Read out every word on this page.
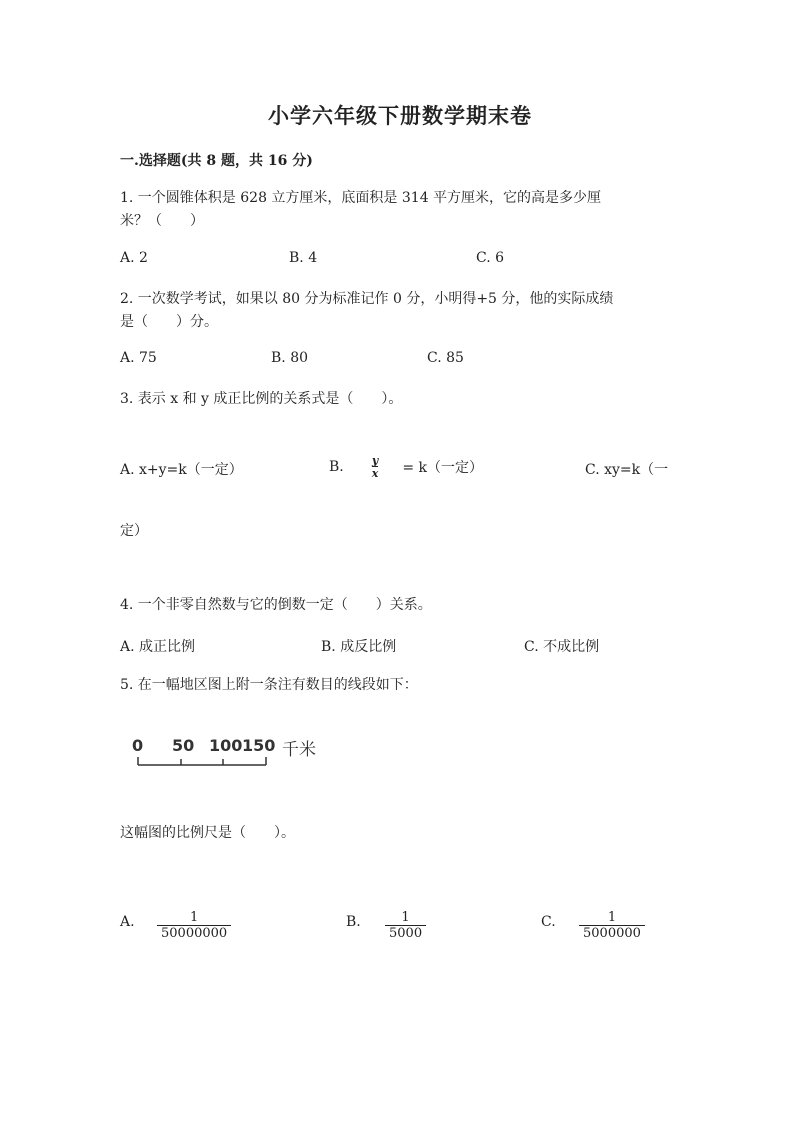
小学六年级下册数学期末卷
一.选择题(共 8 题，共 16 分)
1. 一个圆锥体积是 628 立方厘米，底面积是 314 平方厘米，它的高是多少厘
米？（　　）
A. 2	B. 4	C. 6
2. 一次数学考试，如果以 80 分为标准记作 0 分，小明得+5 分，他的实际成绩
是（　　）分。
A. 75	B. 80	C. 85
3. 表示 x 和 y 成正比例的关系式是（　　）。
A. x+y=k（一定）	B.	$\frac{y}{x} = k$（一定）	C. xy=k（一
定）
4. 一个非零自然数与它的倒数一定（　　）关系。
A. 成正比例	B. 成反比例	C. 不成比例
5. 在一幅地区图上附一条注有数目的线段如下：
0 50 100 150 千米
这幅图的比例尺是（　　）。
A. $\frac{1}{50000000}$	B. $\frac{1}{5000}$	C. $\frac{1}{5000000}$
